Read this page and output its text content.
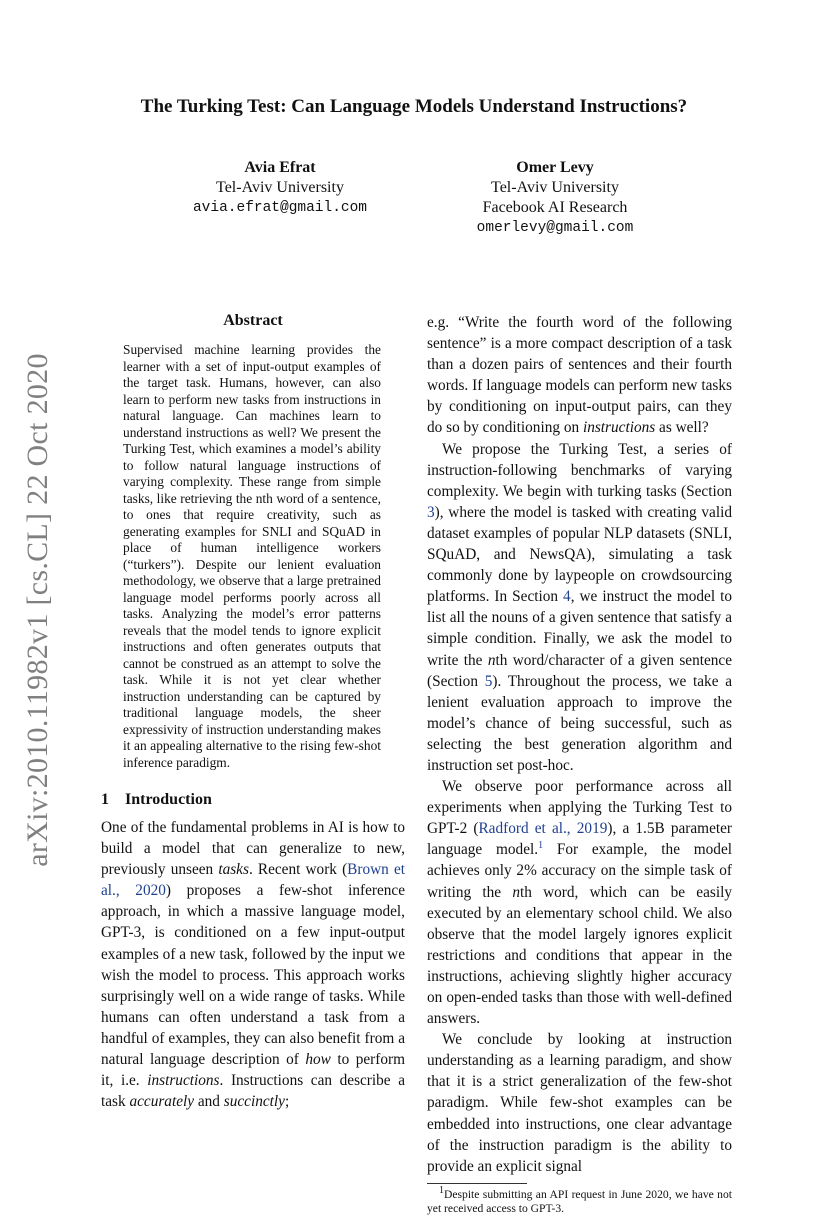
arXiv:2010.11982v1 [cs.CL] 22 Oct 2020
The Turking Test: Can Language Models Understand Instructions?
Avia Efrat
Tel-Aviv University
avia.efrat@gmail.com
Omer Levy
Tel-Aviv University
Facebook AI Research
omerlevy@gmail.com
Abstract

Supervised machine learning provides the learner with a set of input-output examples of the target task. Humans, however, can also learn to perform new tasks from instructions in natural language. Can machines learn to understand instructions as well? We present the Turking Test, which examines a model’s ability to follow natural language instructions of varying complexity. These range from simple tasks, like retrieving the nth word of a sentence, to ones that require creativity, such as generating examples for SNLI and SQuAD in place of human intelligence workers (“turkers”). Despite our lenient evaluation methodology, we observe that a large pretrained language model performs poorly across all tasks. Analyzing the model’s error patterns reveals that the model tends to ignore explicit instructions and often generates outputs that cannot be construed as an attempt to solve the task. While it is not yet clear whether instruction understanding can be captured by traditional language models, the sheer expressivity of instruction understanding makes it an appealing alternative to the rising few-shot inference paradigm.

1 Introduction

One of the fundamental problems in AI is how to build a model that can generalize to new, previously unseen tasks. Recent work (Brown et al., 2020) proposes a few-shot inference approach, in which a massive language model, GPT-3, is conditioned on a few input-output examples of a new task, followed by the input we wish the model to process. This approach works surprisingly well on a wide range of tasks. While humans can often understand a task from a handful of examples, they can also benefit from a natural language description of how to perform it, i.e. instructions. Instructions can describe a task accurately and succinctly;

e.g. “Write the fourth word of the following sentence” is a more compact description of a task than a dozen pairs of sentences and their fourth words. If language models can perform new tasks by conditioning on input-output pairs, can they do so by conditioning on instructions as well?

We propose the Turking Test, a series of instruction-following benchmarks of varying complexity. We begin with turking tasks (Section 3), where the model is tasked with creating valid dataset examples of popular NLP datasets (SNLI, SQuAD, and NewsQA), simulating a task commonly done by laypeople on crowdsourcing platforms. In Section 4, we instruct the model to list all the nouns of a given sentence that satisfy a simple condition. Finally, we ask the model to write the nth word/character of a given sentence (Section 5). Throughout the process, we take a lenient evaluation approach to improve the model’s chance of being successful, such as selecting the best generation algorithm and instruction set post-hoc.

We observe poor performance across all experiments when applying the Turking Test to GPT-2 (Radford et al., 2019), a 1.5B parameter language model.$^1$ For example, the model achieves only 2% accuracy on the simple task of writing the nth word, which can be easily executed by an elementary school child. We also observe that the model largely ignores explicit restrictions and conditions that appear in the instructions, achieving slightly higher accuracy on open-ended tasks than those with well-defined answers.

We conclude by looking at instruction understanding as a learning paradigm, and show that it is a strict generalization of the few-shot paradigm. While few-shot examples can be embedded into instructions, one clear advantage of the instruction paradigm is the ability to provide an explicit signal

$^1$Despite submitting an API request in June 2020, we have not yet received access to GPT-3.
